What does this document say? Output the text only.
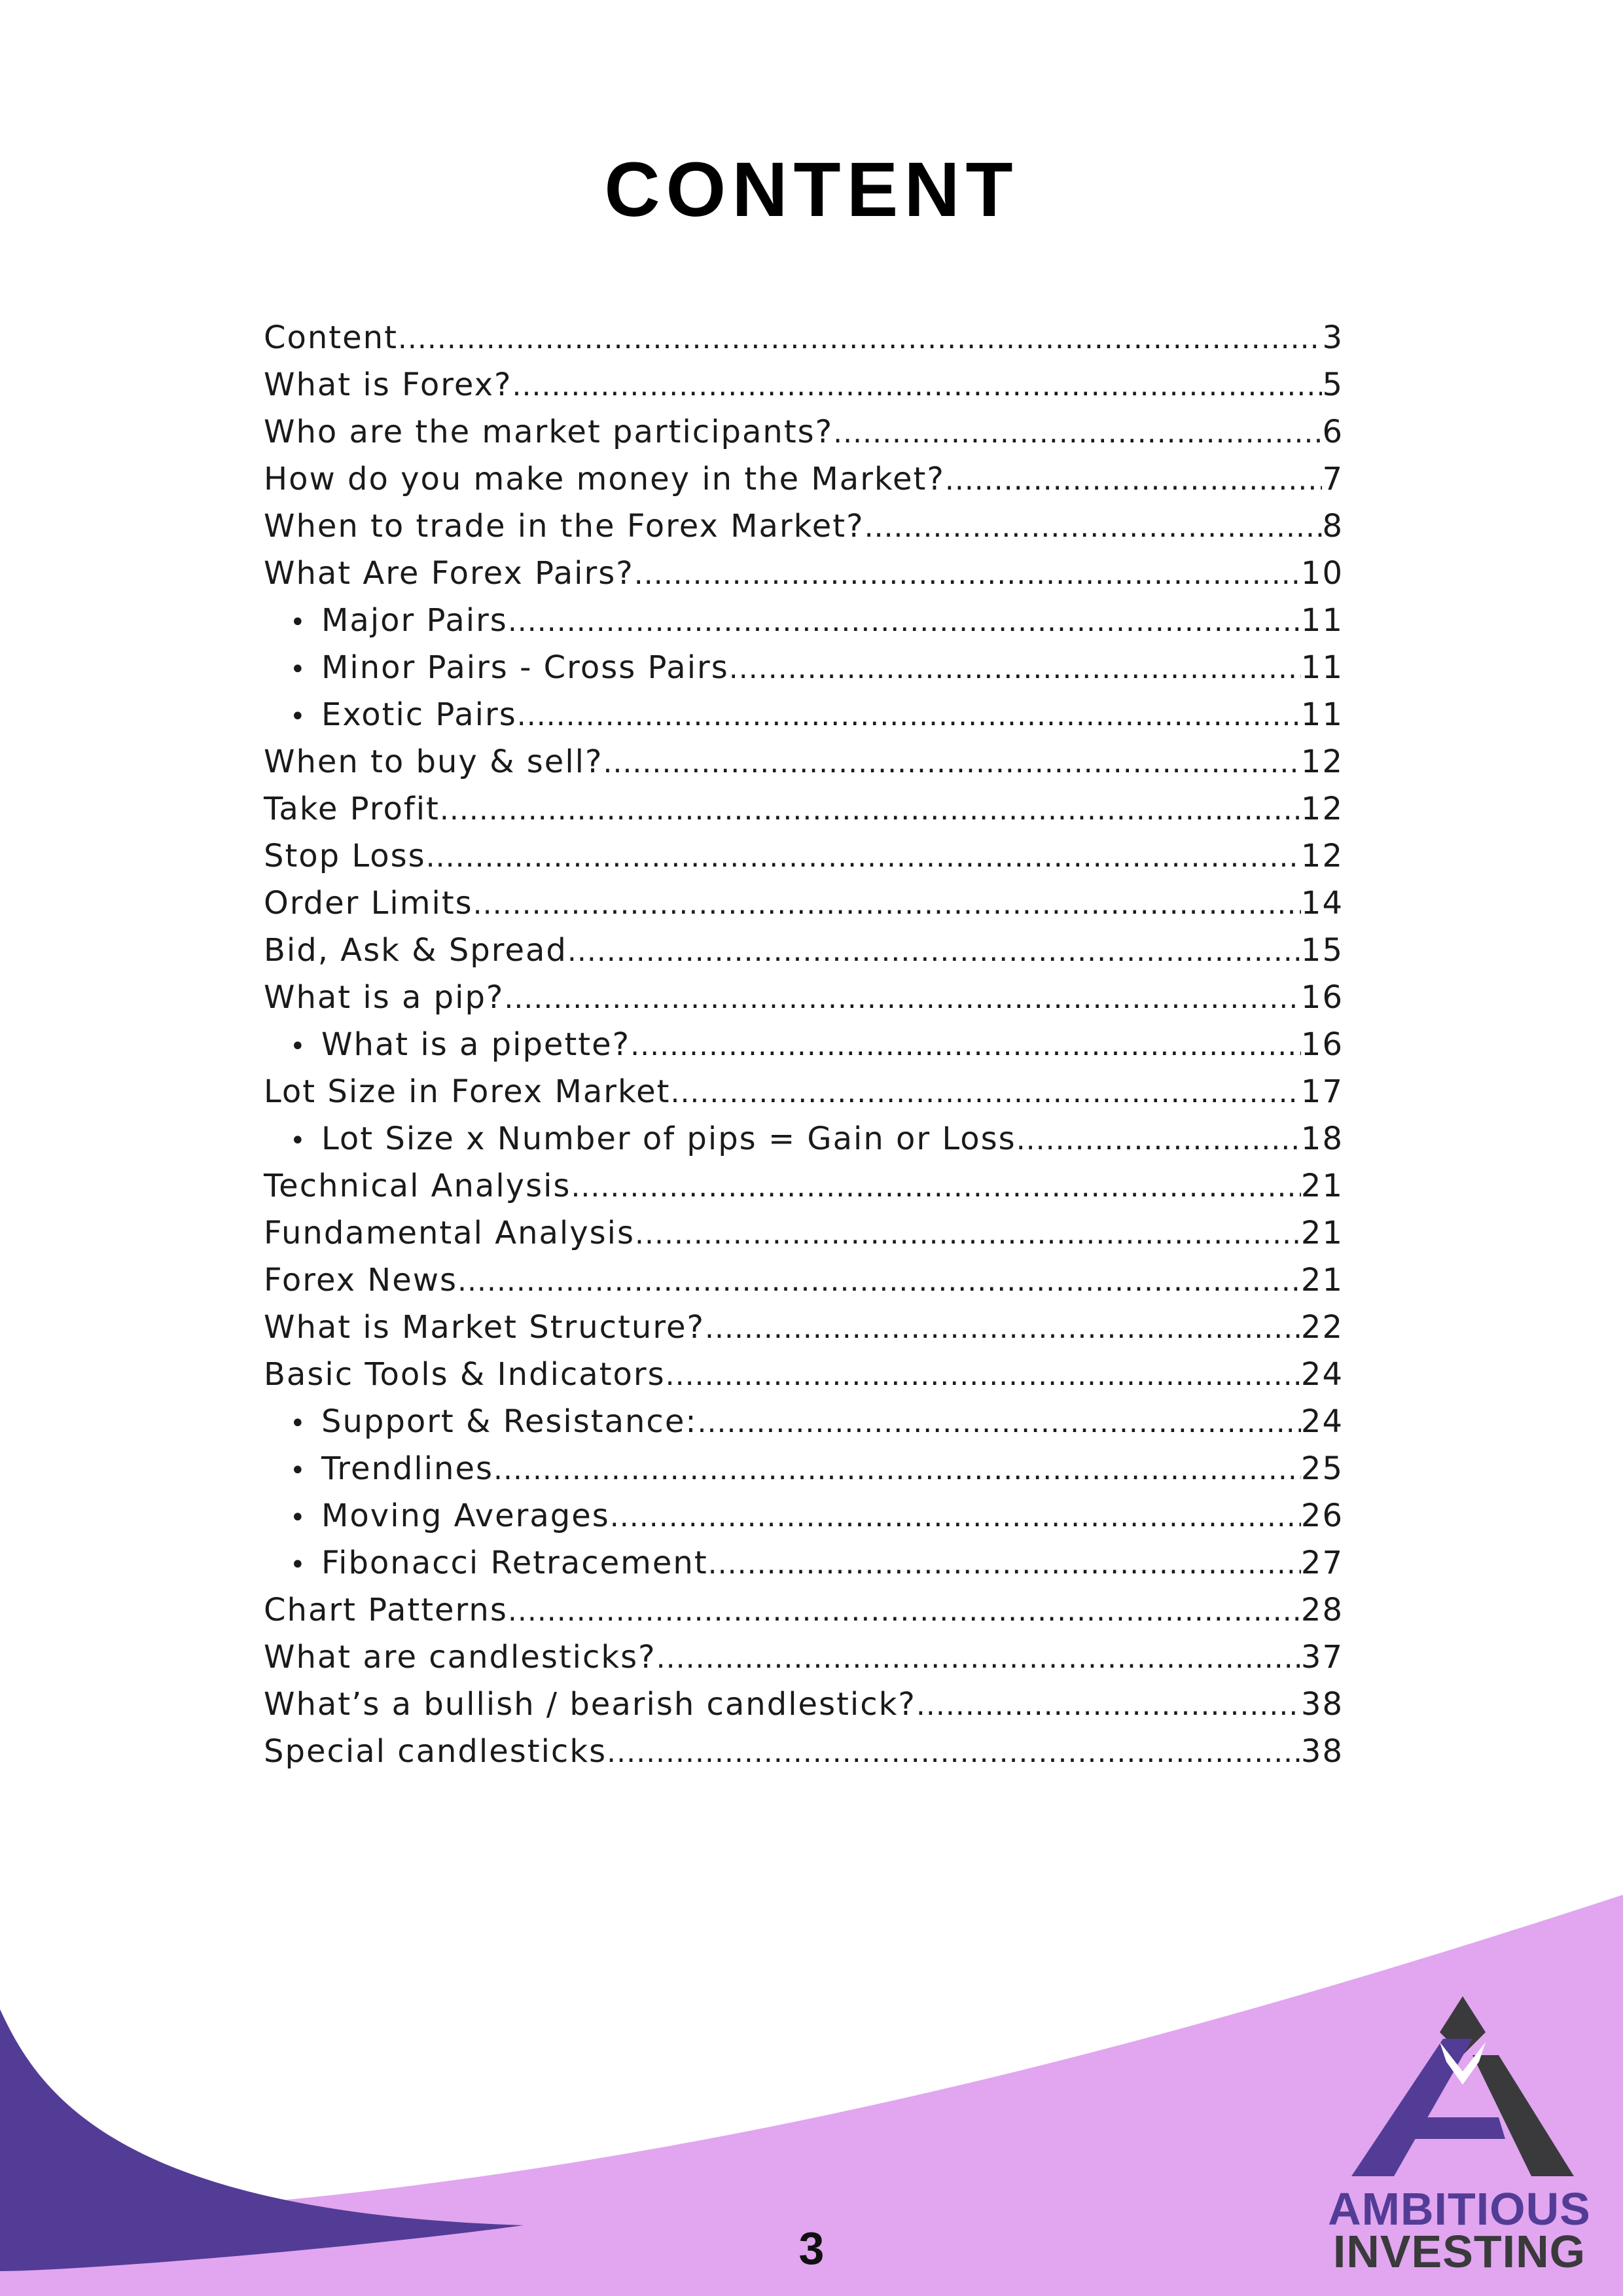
CONTENT
Content .....	3
What is Forex? .....	5
Who are the market participants? .....	6
How do you make money in the Market? .....	7
When to trade in the Forex Market? .....	8
What Are Forex Pairs? .....	10
• Major Pairs .....	11
• Minor Pairs - Cross Pairs .....	11
• Exotic Pairs .....	11
When to buy & sell? .....	12
Take Profit .....	12
Stop Loss .....	12
Order Limits .....	14
Bid, Ask & Spread .....	15
What is a pip? .....	16
• What is a pipette? .....	16
Lot Size in Forex Market .....	17
• Lot Size x Number of pips = Gain or Loss .....	18
Technical Analysis .....	21
Fundamental Analysis .....	21
Forex News .....	21
What is Market Structure? .....	22
Basic Tools & Indicators .....	24
• Support & Resistance: .....	24
• Trendlines .....	25
• Moving Averages .....	26
• Fibonacci Retracement .....	27
Chart Patterns .....	28
What are candlesticks? .....	37
What’s a bullish / bearish candlestick? .....	38
Special candlesticks .....	38
3
AMBITIOUS
INVESTING
